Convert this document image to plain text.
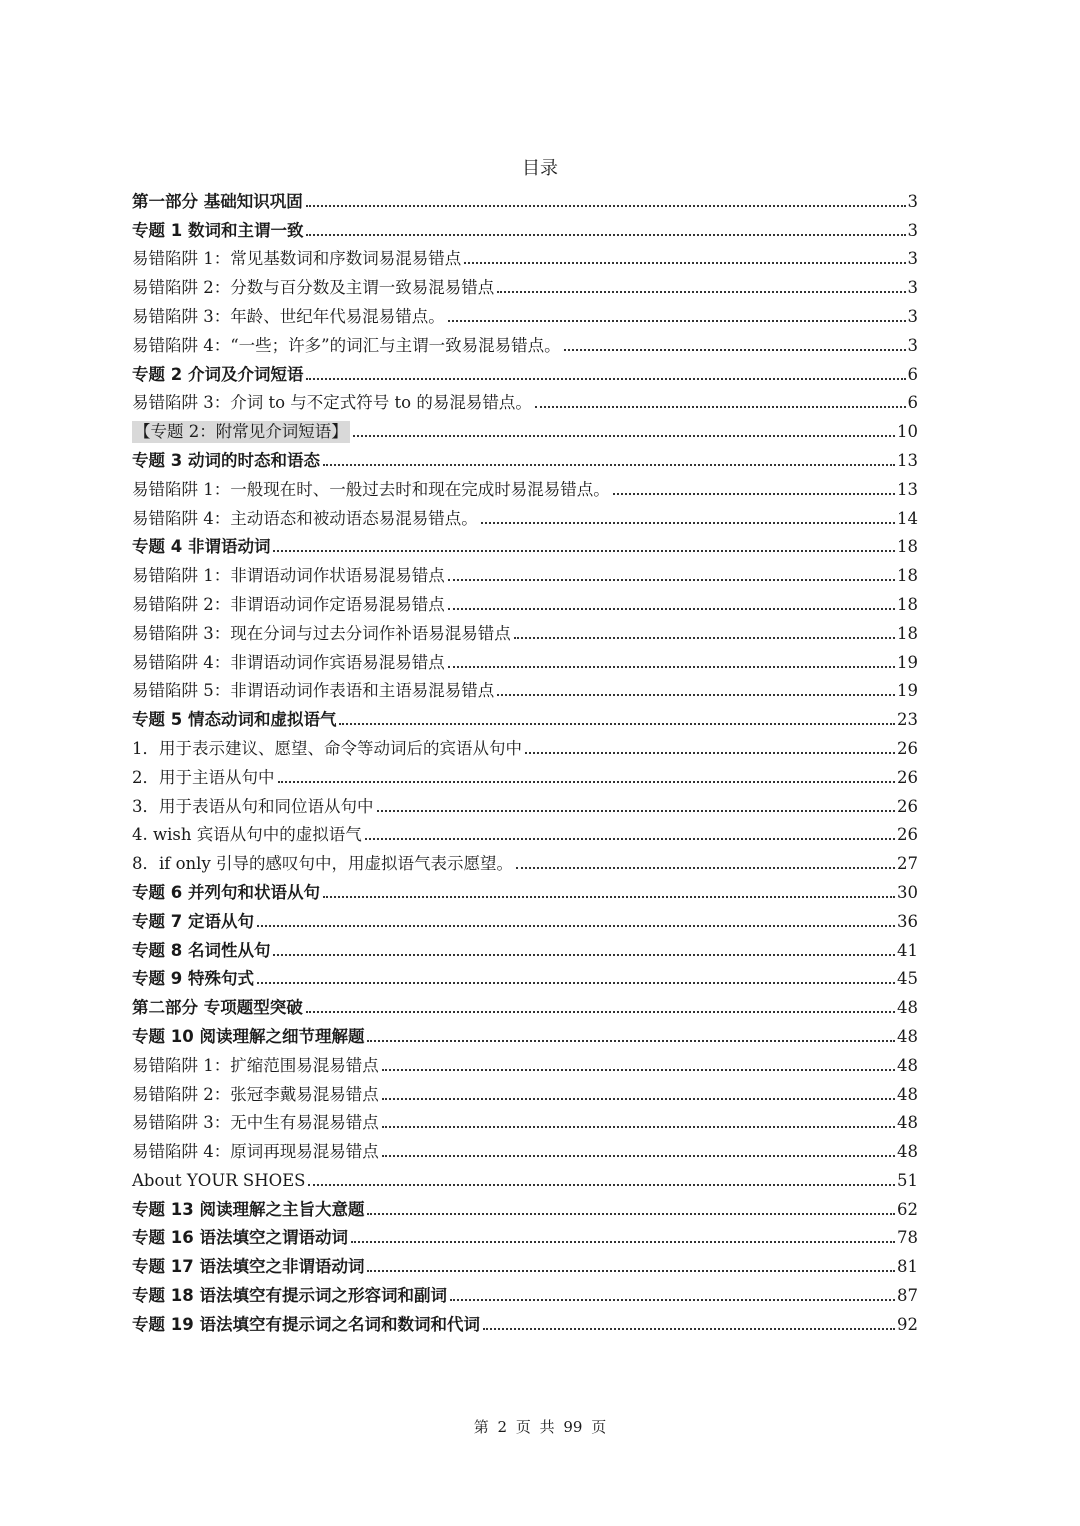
目录
第一部分 基础知识巩固	3
专题 1 数词和主谓一致	3
易错陷阱 1：常见基数词和序数词易混易错点	3
易错陷阱 2：分数与百分数及主谓一致易混易错点	3
易错陷阱 3：年龄、世纪年代易混易错点。	3
易错陷阱 4：“一些；许多”的词汇与主谓一致易混易错点。	3
专题 2 介词及介词短语	6
易错陷阱 3：介词 to 与不定式符号 to 的易混易错点。	6
【专题 2：附常见介词短语】	10
专题 3 动词的时态和语态	13
易错陷阱 1：一般现在时、一般过去时和现在完成时易混易错点。	13
易错陷阱 4：主动语态和被动语态易混易错点。	14
专题 4 非谓语动词	18
易错陷阱 1：非谓语动词作状语易混易错点	18
易错陷阱 2：非谓语动词作定语易混易错点	18
易错陷阱 3：现在分词与过去分词作补语易混易错点	18
易错陷阱 4：非谓语动词作宾语易混易错点	19
易错陷阱 5：非谓语动词作表语和主语易混易错点	19
专题 5 情态动词和虚拟语气	23
1．用于表示建议、愿望、命令等动词后的宾语从句中	26
2．用于主语从句中	26
3．用于表语从句和同位语从句中	26
4. wish 宾语从句中的虚拟语气	26
8．if only 引导的感叹句中，用虚拟语气表示愿望。	27
专题 6 并列句和状语从句	30
专题 7 定语从句	36
专题 8 名词性从句	41
专题 9 特殊句式	45
第二部分 专项题型突破	48
专题 10 阅读理解之细节理解题	48
易错陷阱 1：扩缩范围易混易错点	48
易错陷阱 2：张冠李戴易混易错点	48
易错陷阱 3：无中生有易混易错点	48
易错陷阱 4：原词再现易混易错点	48
About YOUR SHOES	51
专题 13 阅读理解之主旨大意题	62
专题 16 语法填空之谓语动词	78
专题 17 语法填空之非谓语动词	81
专题 18 语法填空有提示词之形容词和副词	87
专题 19 语法填空有提示词之名词和数词和代词	92
第 2 页 共 99 页
